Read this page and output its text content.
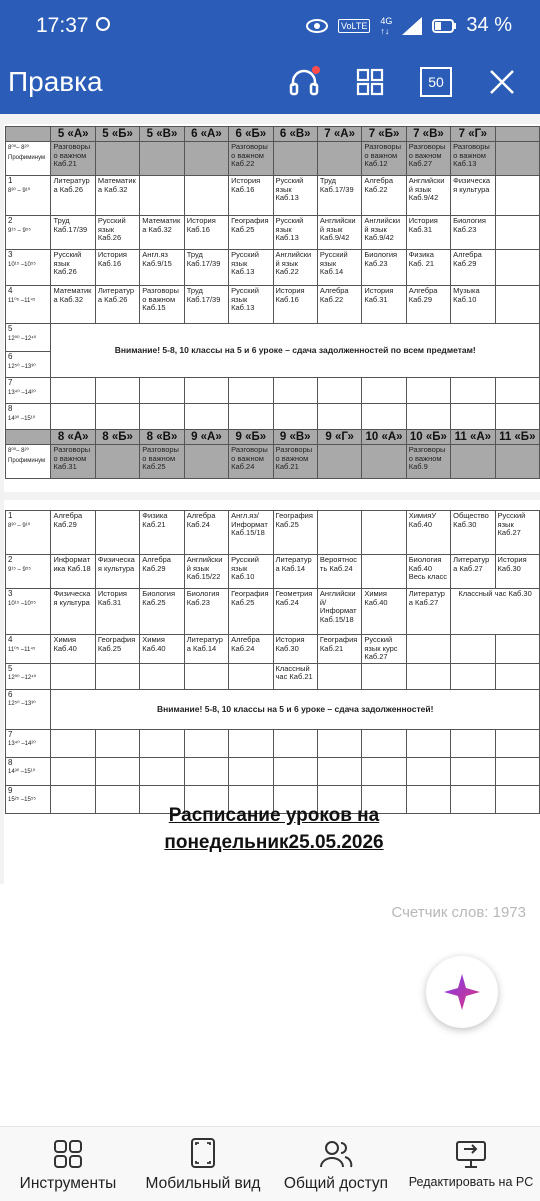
17:37	VoLTE	4G
↑↓	34 %
Правка	50
	5 «А»	5 «Б»	5 «В»	6 «А»	6 «Б»	6 «В»	7 «А»	7 «Б»	7 «В»	7 «Г»	

8⁰⁰– 8²⁰ Профиминум	Разговоры о важном Каб.21				Разговоры о важном Каб.22			Разговоры о важном Каб.12	Разговоры о важном Каб.27	Разговоры о важном Каб.13	

1
8³⁰ – 9¹⁰	Литература Каб.26	Математика Каб.32			История Каб.16	Русский язык Каб.13	Труд Каб.17/39	Алгебра Каб.22	Английский язык Каб.9/42	Физическая культура	

2
9¹⁵ – 9⁵⁵	Труд Каб.17/39	Русский язык Каб.26	Математика Каб.32	История Каб.16	География Каб.25	Русский язык Каб.13	Английский язык Каб.9/42	Английский язык Каб.9/42	История Каб.31	Биология Каб.23	

3
10¹⁵ –10⁵⁵	Русский язык Каб.26	История Каб.16	Англ.яз Каб.9/15	Труд Каб.17/39	Русский язык Каб.13	Английский язык Каб.22	Русский язык Каб.14	Биология Каб.23	Физика Каб. 21	Алгебра Каб.29	

4
11⁰⁵ –11⁴⁵	Математика Каб.32	Литература Каб.26	Разговоры о важном Каб.15	Труд Каб.17/39	Русский язык Каб.13	История Каб.16	Алгебра Каб.22	История Каб.31	Алгебра Каб.29	Музыка Каб.10	

5
12⁰⁰ –12⁴⁰	Внимание! 5-8, 10 классы на 5 и 6 уроке – сдача задолженностей по всем предметам!										

6
12⁵⁰ –13³⁰											

7
13⁴⁰ –14²⁰											

8
14³⁰ –15¹⁰											
	8 «А»	8 «Б»	8 «В»	9 «А»	9 «Б»	9 «В»	9 «Г»	10 «А»	10 «Б»	11 «А»	11 «Б»

8⁰⁰– 8²⁰ Профиминум	Разговоры о важном Каб.31		Разговоры о важном Каб.25		Разговоры о важном Каб.24	Разговоры о важном Каб.21			Разговоры о важном Каб.9		
1
8³⁰ – 9¹⁰	Алгебра Каб.29		Физика Каб.21	Алгебра Каб.24	Англ.яз/Информат Каб.15/18	География Каб.25			ХимияУ Каб.40	Общество Каб.30	Русский язык Каб.27

2
9¹⁵ – 9⁵⁵	Информатика Каб.18	Физическая культура	Алгебра Каб.29	Английский язык Каб.15/22	Русский язык Каб.10	Литература Каб.14	Вероятность Каб.24		Биология Каб.40 Весь класс	Литература Каб.27	История Каб.30

3
10¹⁵ –10⁵⁵	Физическая культура	История Каб.31	Биология Каб.25	Биология Каб.23	География Каб.25	Геометрия Каб.24	Английский/Информат Каб.15/18	Химия Каб.40	Литература Каб.27	Классный час Каб.30	

4
11⁰⁵ –11⁴⁵	Химия Каб.40	География Каб.25	Химия Каб.40	Литература Каб.14	Алгебра Каб.24	История Каб.30	География Каб.21	Русский язык курс Каб.27			

5
12⁰⁰ –12⁴⁰						Классный час Каб.21					

6
12⁵⁰ –13³⁰	Внимание! 5-8, 10 классы на 5 и 6 уроке – сдача задолженностей!										

7
13⁴⁰ –14²⁰											

8
14³⁰ –15¹⁰											

9
15²⁵ –15⁵⁵											
Расписание уроков на
понедельник25.05.2026
Счетчик слов: 1973
Инструменты Мобильный вид Общий доступ Редактировать на PC
